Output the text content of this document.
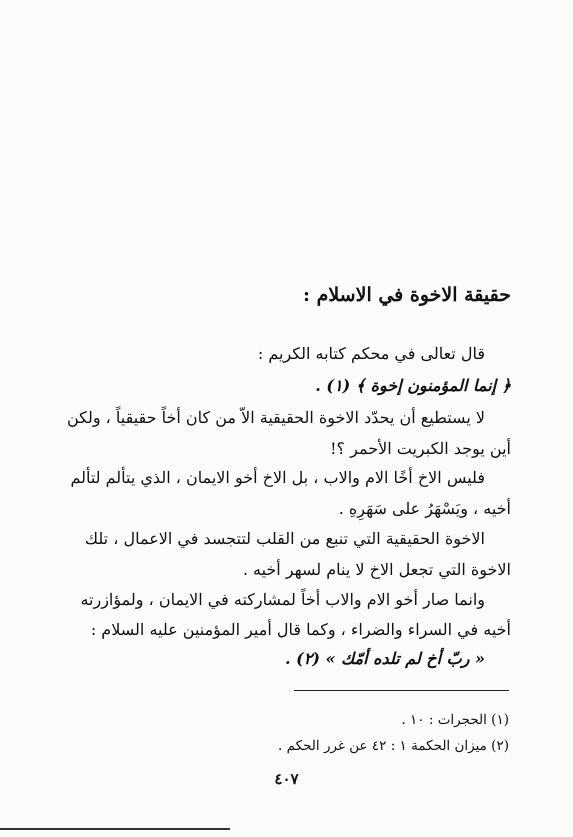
حقيقة الاخوة في الاسلام :
قال تعالى في محكم كتابه الكريم :
﴿ إنما المؤمنون إخوة ﴾ (١) .
لا يستطيع أن يحدّد الاخوة الحقيقية الاّ من كان أخاً حقيقياً ، ولكن
أين يوجد الكبريت الأحمر ؟!
فليس الاخ أخًا الام والاب ، بل الاخ أخو الايمان ، الذي يتألم لتألم
أخيه ، ويَسْهَرُ على سَهَرِهِ .
الاخوة الحقيقية التي تنبع من القلب لتتجسد في الاعمال ، تلك
الاخوة التي تجعل الاخ لا ينام لسهر أخيه .
وانما صار أخو الام والاب أخاً لمشاركته في الايمان ، ولمؤازرته
أخيه في السراء والضراء ، وكما قال أمير المؤمنين عليه السلام :
« ربّ أخ لم تلده أمّك » (٢) .
(١) الحجرات : ١٠ .
(٢) ميزان الحكمة ١ : ٤٢ عن غرر الحكم .
٤٠٧
